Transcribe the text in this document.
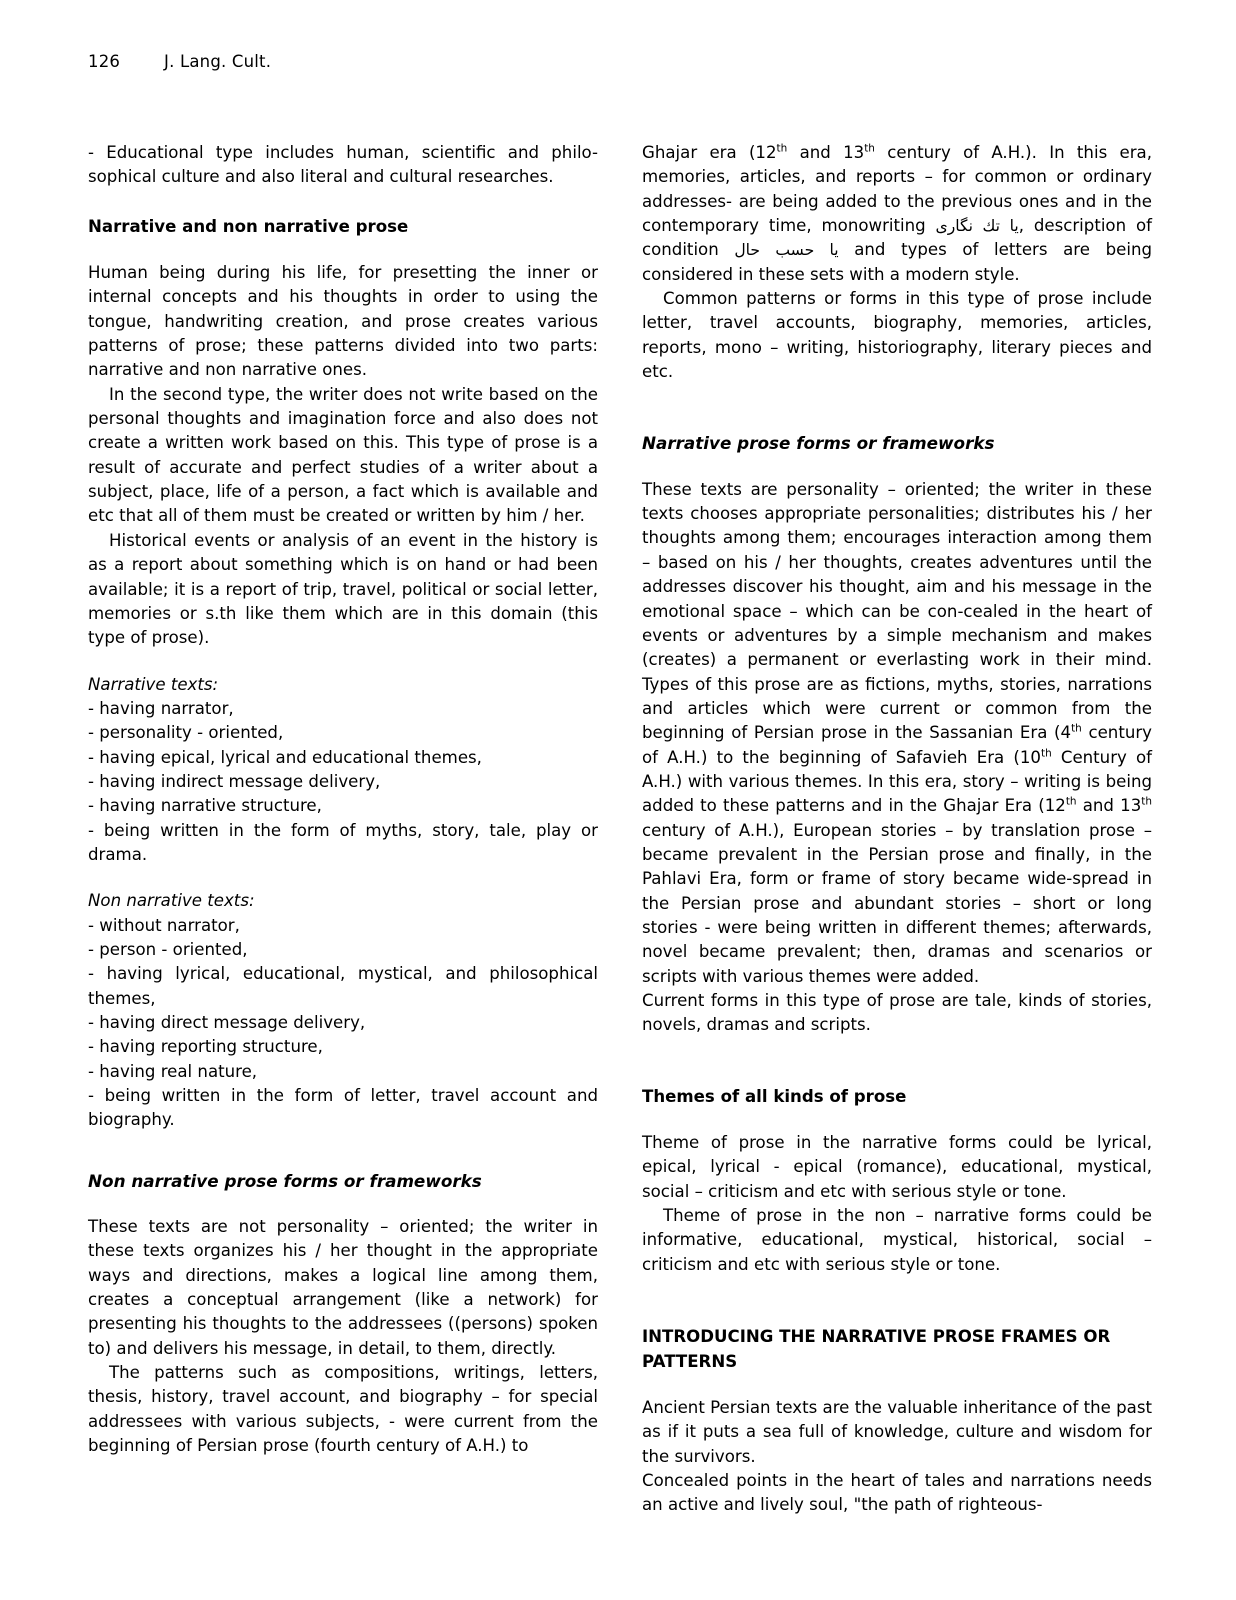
126	J. Lang. Cult.

- Educational type includes human, scientific and philo-sophical culture and also literal and cultural researches.

Narrative and non narrative prose

Human being during his life, for presetting the inner or internal concepts and his thoughts in order to using the tongue, handwriting creation, and prose creates various patterns of prose; these patterns divided into two parts: narrative and non narrative ones.

In the second type, the writer does not write based on the personal thoughts and imagination force and also does not create a written work based on this. This type of prose is a result of accurate and perfect studies of a writer about a subject, place, life of a person, a fact which is available and etc that all of them must be created or written by him / her.

Historical events or analysis of an event in the history is as a report about something which is on hand or had been available; it is a report of trip, travel, political or social letter, memories or s.th like them which are in this domain (this type of prose).

Narrative texts:

- having narrator,

- personality - oriented,

- having epical, lyrical and educational themes,

- having indirect message delivery,

- having narrative structure,

- being written in the form of myths, story, tale, play or drama.

Non narrative texts:

- without narrator,

- person - oriented,

- having lyrical, educational, mystical, and philosophical themes,

- having direct message delivery,

- having reporting structure,

- having real nature,

- being written in the form of letter, travel account and biography.

Non narrative prose forms or frameworks

These texts are not personality – oriented; the writer in these texts organizes his / her thought in the appropriate ways and directions, makes a logical line among them, creates a conceptual arrangement (like a network) for presenting his thoughts to the addressees ((persons) spoken to) and delivers his message, in detail, to them, directly.

The patterns such as compositions, writings, letters, thesis, history, travel account, and biography – for special addressees with various subjects, - were current from the beginning of Persian prose (fourth century of A.H.) to

Ghajar era (12th and 13th century of A.H.). In this era, memories, articles, and reports – for common or ordinary addresses- are being added to the previous ones and in the contemporary time, monowriting يا تك نگاری, description of condition يا حسب حال and types of letters are being considered in these sets with a modern style.

Common patterns or forms in this type of prose include letter, travel accounts, biography, memories, articles, reports, mono – writing, historiography, literary pieces and etc.

Narrative prose forms or frameworks

These texts are personality – oriented; the writer in these texts chooses appropriate personalities; distributes his / her thoughts among them; encourages interaction among them – based on his / her thoughts, creates adventures until the addresses discover his thought, aim and his message in the emotional space – which can be con-cealed in the heart of events or adventures by a simple mechanism and makes (creates) a permanent or everlasting work in their mind. Types of this prose are as fictions, myths, stories, narrations and articles which were current or common from the beginning of Persian prose in the Sassanian Era (4th century of A.H.) to the beginning of Safavieh Era (10th Century of A.H.) with various themes. In this era, story – writing is being added to these patterns and in the Ghajar Era (12th and 13th century of A.H.), European stories – by translation prose – became prevalent in the Persian prose and finally, in the Pahlavi Era, form or frame of story became wide-spread in the Persian prose and abundant stories – short or long stories - were being written in different themes; afterwards, novel became prevalent; then, dramas and scenarios or scripts with various themes were added.

Current forms in this type of prose are tale, kinds of stories, novels, dramas and scripts.

Themes of all kinds of prose

Theme of prose in the narrative forms could be lyrical, epical, lyrical - epical (romance), educational, mystical, social – criticism and etc with serious style or tone.

Theme of prose in the non – narrative forms could be informative, educational, mystical, historical, social – criticism and etc with serious style or tone.

INTRODUCING THE NARRATIVE PROSE FRAMES OR PATTERNS

Ancient Persian texts are the valuable inheritance of the past as if it puts a sea full of knowledge, culture and wisdom for the survivors.

Concealed points in the heart of tales and narrations needs an active and lively soul, "the path of righteous-
